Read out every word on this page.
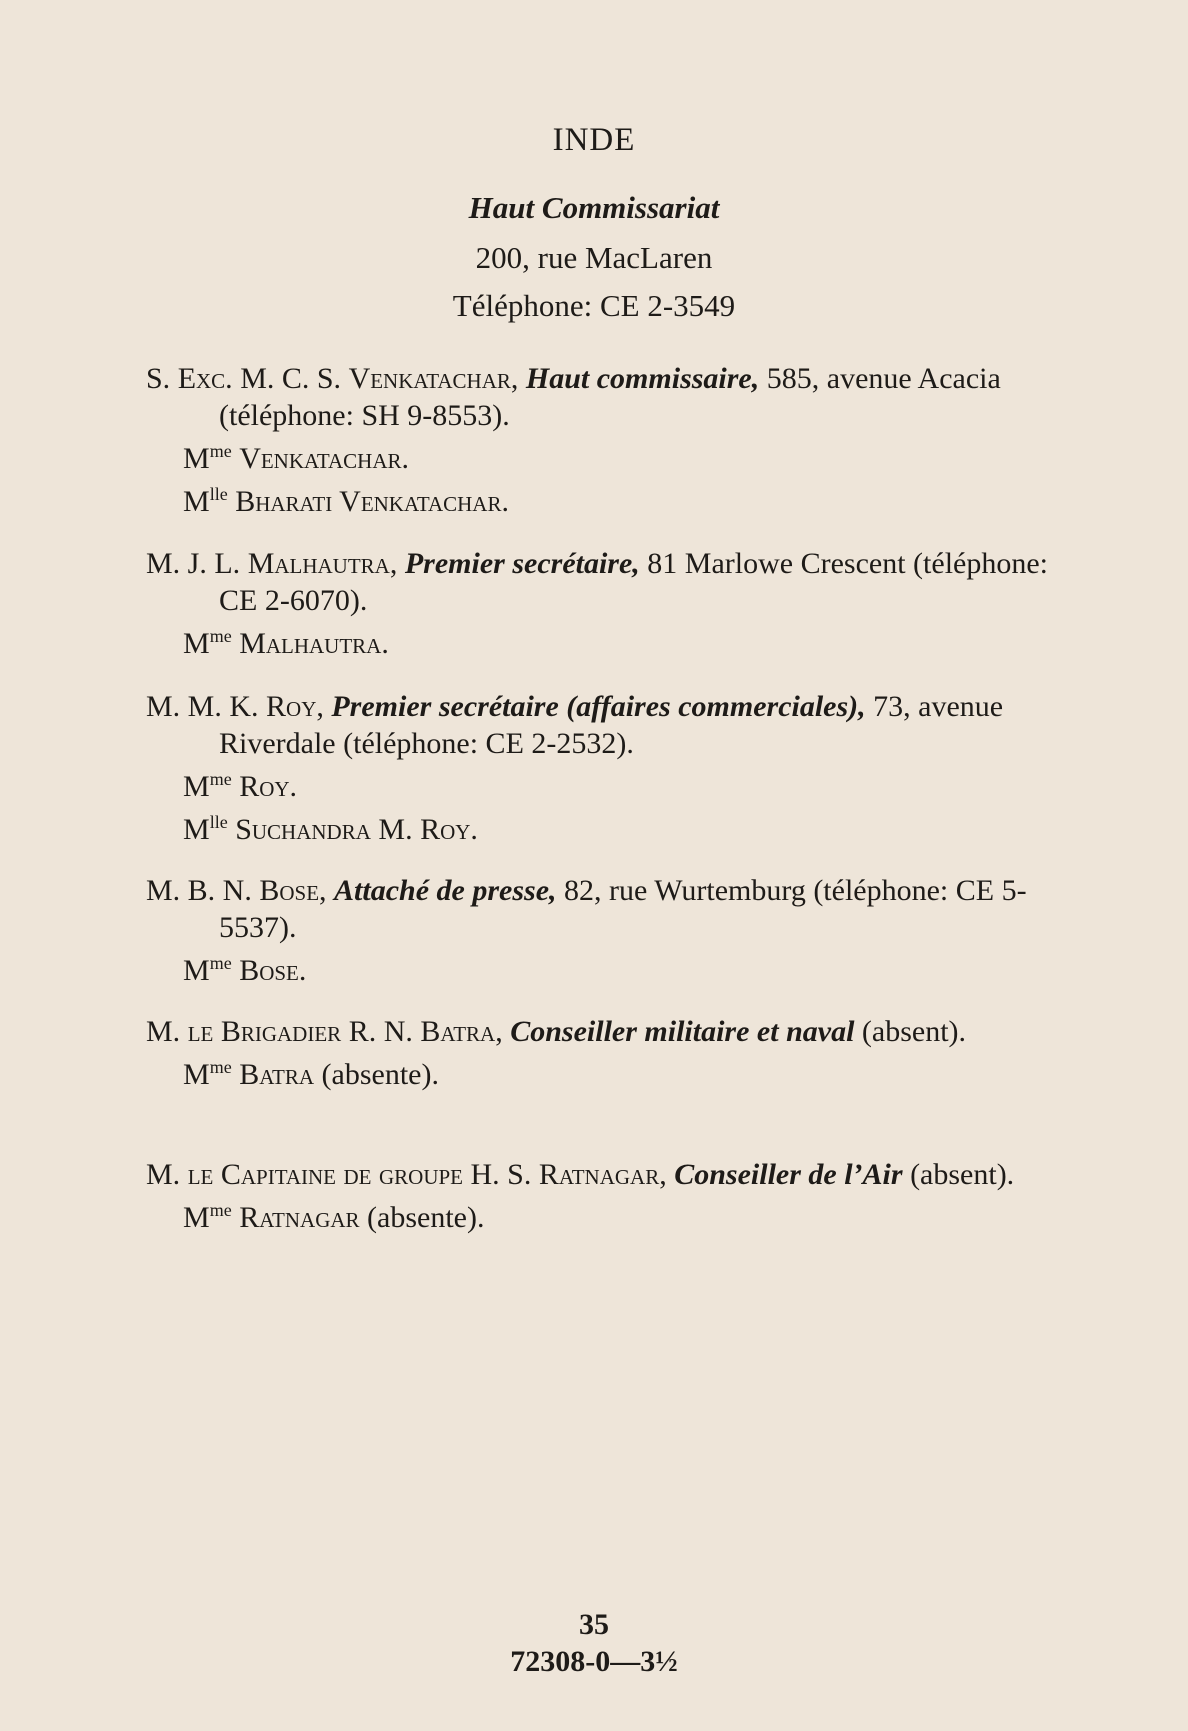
INDE
Haut Commissariat
200, rue MacLaren
Téléphone: CE 2-3549
S. Exc. M. C. S. Venkatachar, Haut commissaire, 585, avenue Acacia (téléphone: SH 9-8553).
$M^{me}$ Venkatachar.
$M^{lle}$ Bharati Venkatachar.
M. J. L. Malhautra, Premier secrétaire, 81 Marlowe Crescent (téléphone: CE 2-6070).
$M^{me}$ Malhautra.
M. M. K. Roy, Premier secrétaire (affaires commerciales), 73, avenue Riverdale (téléphone: CE 2-2532).
$M^{me}$ Roy.
$M^{lle}$ Suchandra M. Roy.
M. B. N. Bose, Attaché de presse, 82, rue Wurtemburg (téléphone: CE 5-5537).
$M^{me}$ Bose.
M. le Brigadier R. N. Batra, Conseiller militaire et naval (absent).
$M^{me}$ Batra (absente).
M. le Capitaine de groupe H. S. Ratnagar, Conseiller de l’Air (absent).
$M^{me}$ Ratnagar (absente).
35
72308-0—3½
